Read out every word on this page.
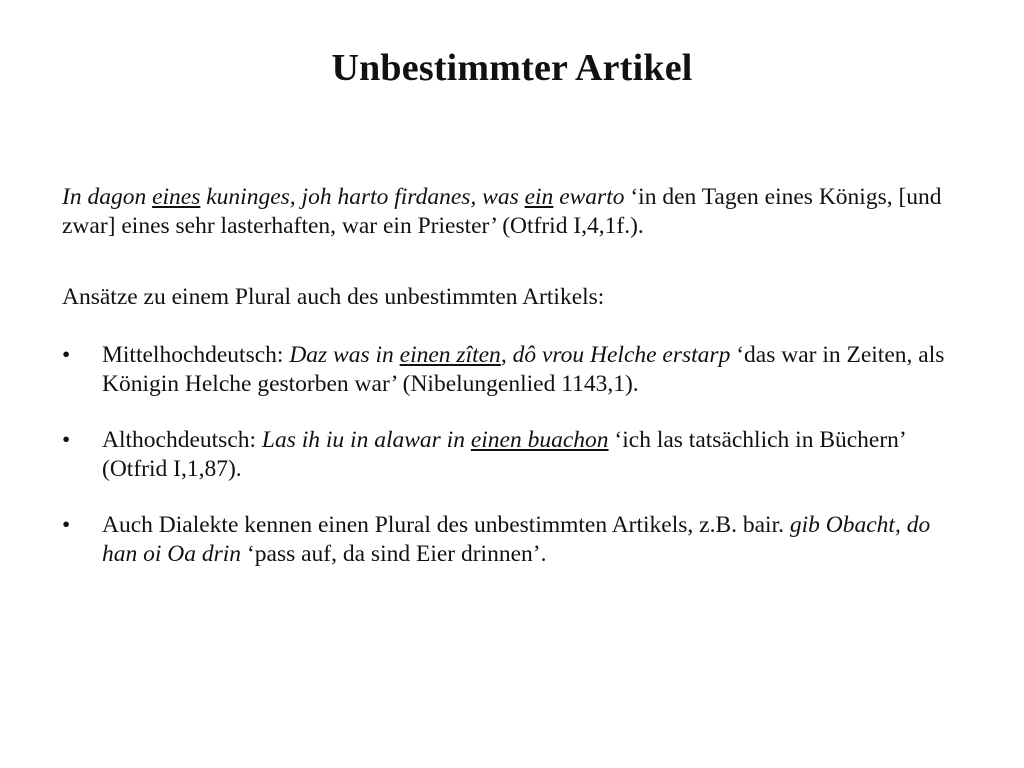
Unbestimmter Artikel

In dagon eines kuninges, joh harto firdanes, was ein ewarto ‘in den Tagen eines Königs, [und zwar] eines sehr lasterhaften, war ein Priester’ (Otfrid I,4,1f.).

Ansätze zu einem Plural auch des unbestimmten Artikels:

• Mittelhochdeutsch: Daz was in einen zîten, dô vrou Helche erstarp ‘das war in Zeiten, als Königin Helche gestorben war’ (Nibelungenlied 1143,1).
• Althochdeutsch: Las ih iu in alawar in einen buachon ‘ich las tatsächlich in Büchern’ (Otfrid I,1,87).
• Auch Dialekte kennen einen Plural des unbestimmten Artikels, z.B. bair. gib Obacht, do han oi Oa drin ‘pass auf, da sind Eier drinnen’.
